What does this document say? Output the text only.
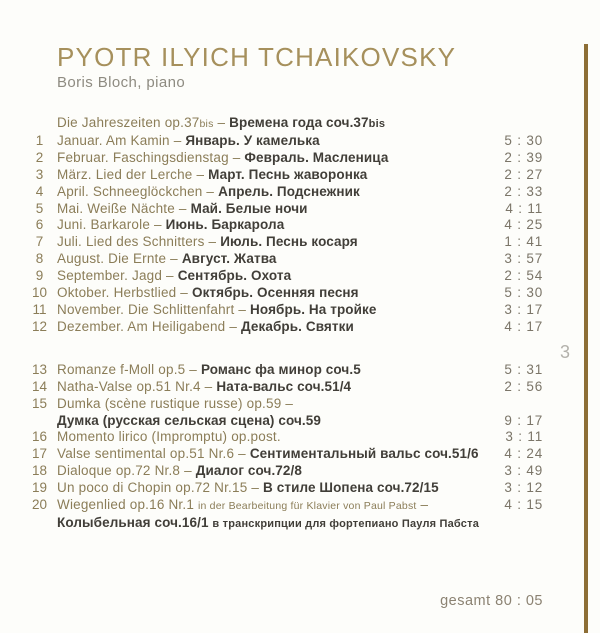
PYOTR ILYICH TCHAIKOVSKY
Boris Bloch, piano
Die Jahreszeiten op.37bis – Времена года соч.37bis
1	Januar. Am Kamin – Январь. У камелька	5 : 30
2	Februar. Faschingsdienstag – Февраль. Масленица	2 : 39
3	März. Lied der Lerche – Март. Песнь жаворонка	2 : 27
4	April. Schneeglöckchen – Апрель. Подснежник	2 : 33
5	Mai. Weiße Nächte – Май. Белые ночи	4 : 11
6	Juni. Barkarole – Июнь. Баркарола	4 : 25
7	Juli. Lied des Schnitters – Июль. Песнь косаря	1 : 41
8	August. Die Ernte – Август. Жатва	3 : 57
9	September. Jagd – Сентябрь. Охота	2 : 54
10 Oktober. Herbstlied – Октябрь. Осенняя песня	5 : 30
11 November. Die Schlittenfahrt – Ноябрь. На тройке	3 : 17
12 Dezember. Am Heiligabend – Декабрь. Святки	4 : 17
13 Romanze f-Moll op.5 – Романс фа минор соч.5	5 : 31
14 Natha-Valse op.51 Nr.4 – Ната-вальс соч.51/4	2 : 56
15 Dumka (scène rustique russe) op.59 –
Думка (русская сельская сцена) соч.59	9 : 17
16 Momento lirico (Impromptu) op.post.	3 : 11
17 Valse sentimental op.51 Nr.6 – Сентиментальный вальс соч.51/6	4 : 24
18 Dialoque op.72 Nr.8 – Диалог соч.72/8	3 : 49
19 Un poco di Chopin op.72 Nr.15 – В стиле Шопена соч.72/15	3 : 12
20 Wiegenlied op.16 Nr.1 in der Bearbeitung für Klavier von Paul Pabst –	4 : 15
Колыбельная соч.16/1 в транскрипции для фортепиано Пауля Пабста
gesamt 80 : 05
3
